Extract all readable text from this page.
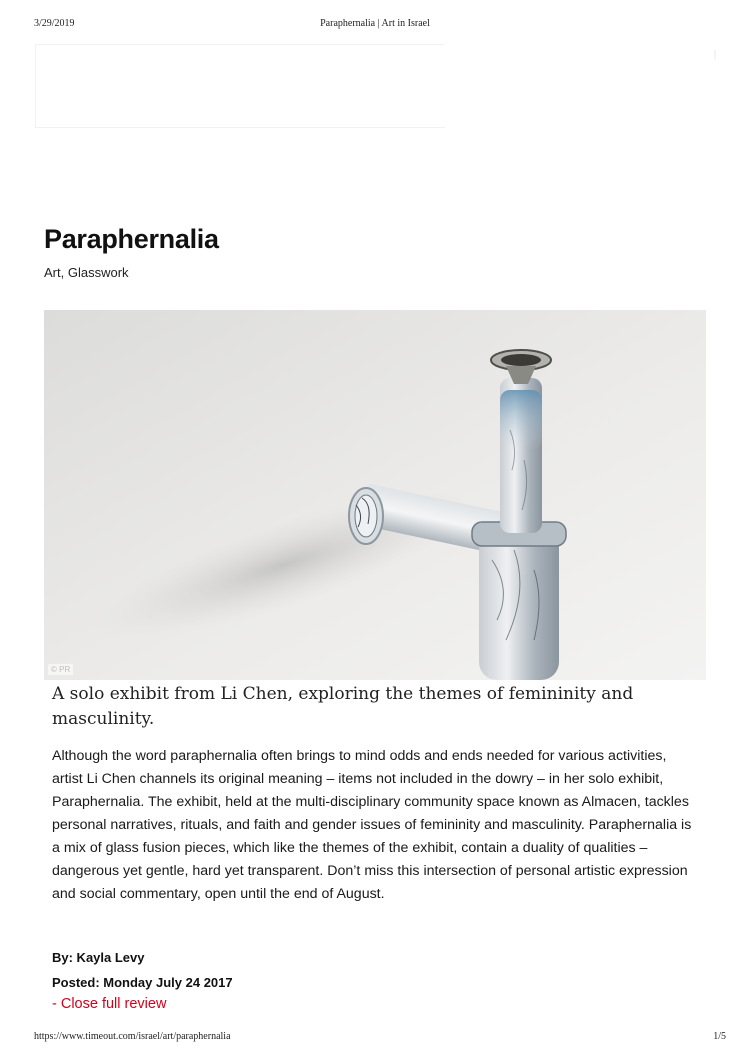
3/29/2019	Paraphernalia | Art in Israel
Paraphernalia
Art, Glasswork
© PR
A solo exhibit from Li Chen, exploring the themes of femininity and masculinity.

Although the word paraphernalia often brings to mind odds and ends needed for various activities, artist Li Chen channels its original meaning – items not included in the dowry – in her solo exhibit, Paraphernalia. The exhibit, held at the multi-disciplinary community space known as Almacen, tackles personal narratives, rituals, and faith and gender issues of femininity and masculinity. Paraphernalia is a mix of glass fusion pieces, which like the themes of the exhibit, contain a duality of qualities – dangerous yet gentle, hard yet transparent. Don’t miss this intersection of personal artistic expression and social commentary, open until the end of August.

By: Kayla Levy
Posted: Monday July 24 2017
- Close full review
https://www.timeout.com/israel/art/paraphernalia	1/5
